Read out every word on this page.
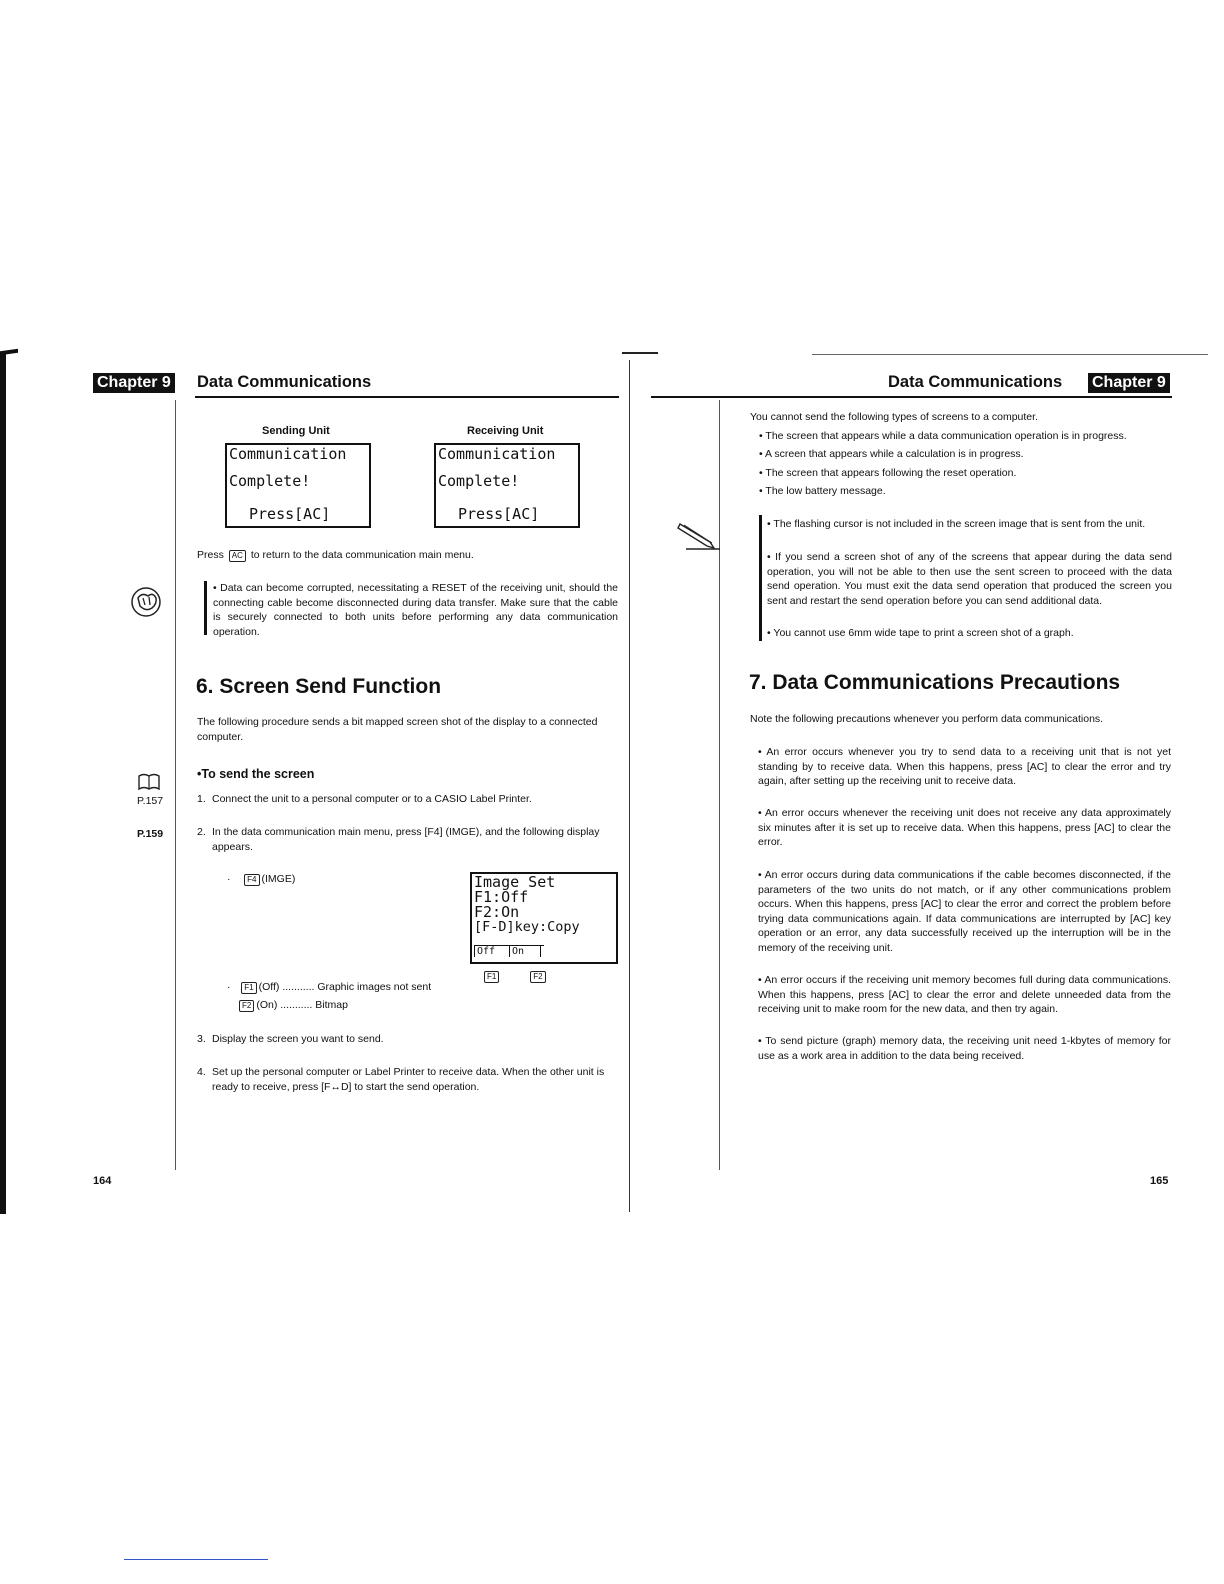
Chapter 9 Data Communications
Sending Unit	Receiving Unit
Communication
Complete!
Press[AC]
Communication
Complete!
Press[AC]
Press AC to return to the data communication main menu.
• Data can become corrupted, necessitating a RESET of the receiving unit, should the connecting cable become disconnected during data transfer. Make sure that the cable is securely connected to both units before performing any data communication operation.
6. Screen Send Function
The following procedure sends a bit mapped screen shot of the display to a connected computer.
•To send the screen
P.157
P.159
1. Connect the unit to a personal computer or to a CASIO Label Printer.
2. In the data communication main menu, press [F4] (IMGE), and the following display appears.
·    F4 (IMGE)	Image Set
F1:Off
F2:On
[F-D]key:Copy
Off	On
F1	F2
·   F1 (Off) ........... Graphic images not sent
F2 (On) ........... Bitmap
3. Display the screen you want to send.
4. Set up the personal computer or Label Printer to receive data. When the other unit is ready to receive, press [F↔D] to start the send operation.
164
Data Communications Chapter 9
You cannot send the following types of screens to a computer.
• The screen that appears while a data communication operation is in progress.
• A screen that appears while a calculation is in progress.
• The screen that appears following the reset operation.
• The low battery message.
• The flashing cursor is not included in the screen image that is sent from the unit.
• If you send a screen shot of any of the screens that appear during the data send operation, you will not be able to then use the sent screen to proceed with the data send operation. You must exit the data send operation that produced the screen you sent and restart the send operation before you can send additional data.
• You cannot use 6mm wide tape to print a screen shot of a graph.
7. Data Communications Precautions
Note the following precautions whenever you perform data communications.
• An error occurs whenever you try to send data to a receiving unit that is not yet standing by to receive data. When this happens, press [AC] to clear the error and try again, after setting up the receiving unit to receive data.
• An error occurs whenever the receiving unit does not receive any data approximately six minutes after it is set up to receive data. When this happens, press [AC] to clear the error.
• An error occurs during data communications if the cable becomes disconnected, if the parameters of the two units do not match, or if any other communications problem occurs. When this happens, press [AC] to clear the error and correct the problem before trying data communications again. If data communications are interrupted by [AC] key operation or an error, any data successfully received up the interruption will be in the memory of the receiving unit.
• An error occurs if the receiving unit memory becomes full during data communications. When this happens, press [AC] to clear the error and delete unneeded data from the receiving unit to make room for the new data, and then try again.
• To send picture (graph) memory data, the receiving unit need 1-kbytes of memory for use as a work area in addition to the data being received.
165
